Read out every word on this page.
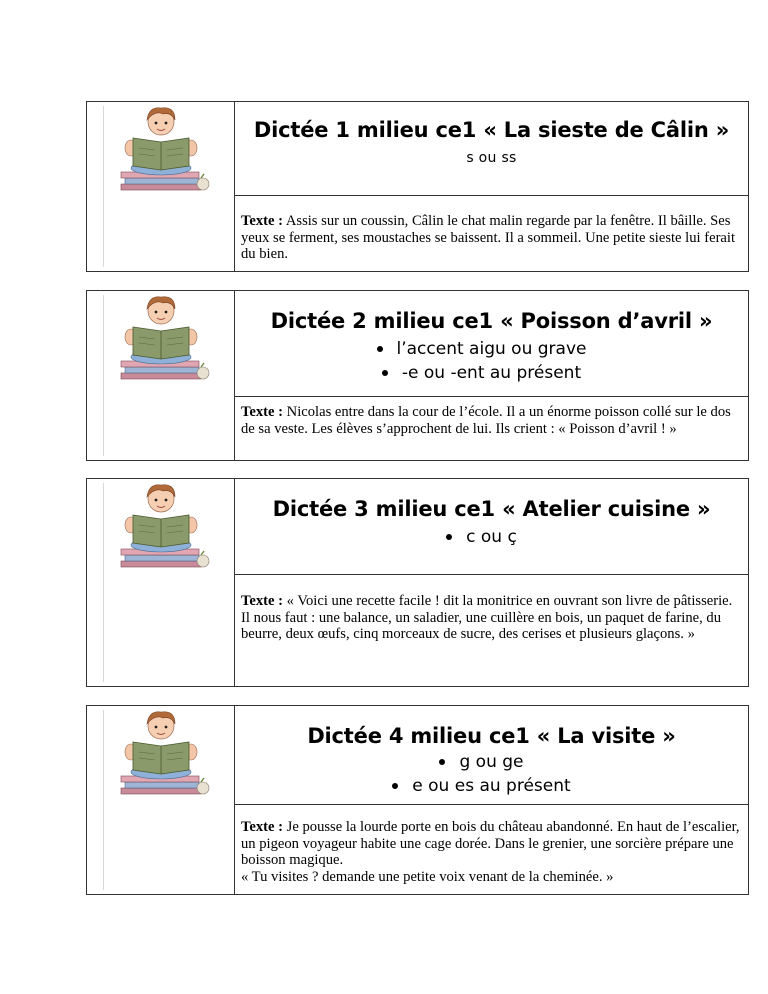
Dictée 1 milieu ce1 « La sieste de Câlin »
s ou ss
Texte : Assis sur un coussin, Câlin le chat malin regarde par la fenêtre. Il bâille. Ses yeux se ferment, ses moustaches se baissent. Il a sommeil. Une petite sieste lui ferait du bien.
Dictée 2 milieu ce1 « Poisson d’avril »
l’accent aigu ou grave
-e ou -ent au présent
Texte : Nicolas entre dans la cour de l’école. Il a un énorme poisson collé sur le dos de sa veste. Les élèves s’approchent de lui. Ils crient : « Poisson d’avril ! »
Dictée 3 milieu ce1 « Atelier cuisine »
c ou ç
Texte : « Voici une recette facile ! dit la monitrice en ouvrant son livre de pâtisserie.
Il nous faut : une balance, un saladier, une cuillère en bois, un paquet de farine, du beurre, deux œufs, cinq morceaux de sucre, des cerises et plusieurs glaçons. »
Dictée 4 milieu ce1 « La visite »
g ou ge
e ou es au présent
Texte : Je pousse la lourde porte en bois du château abandonné. En haut de l’escalier, un pigeon voyageur habite une cage dorée. Dans le grenier, une sorcière prépare une boisson magique.
« Tu visites ? demande une petite voix venant de la cheminée. »
